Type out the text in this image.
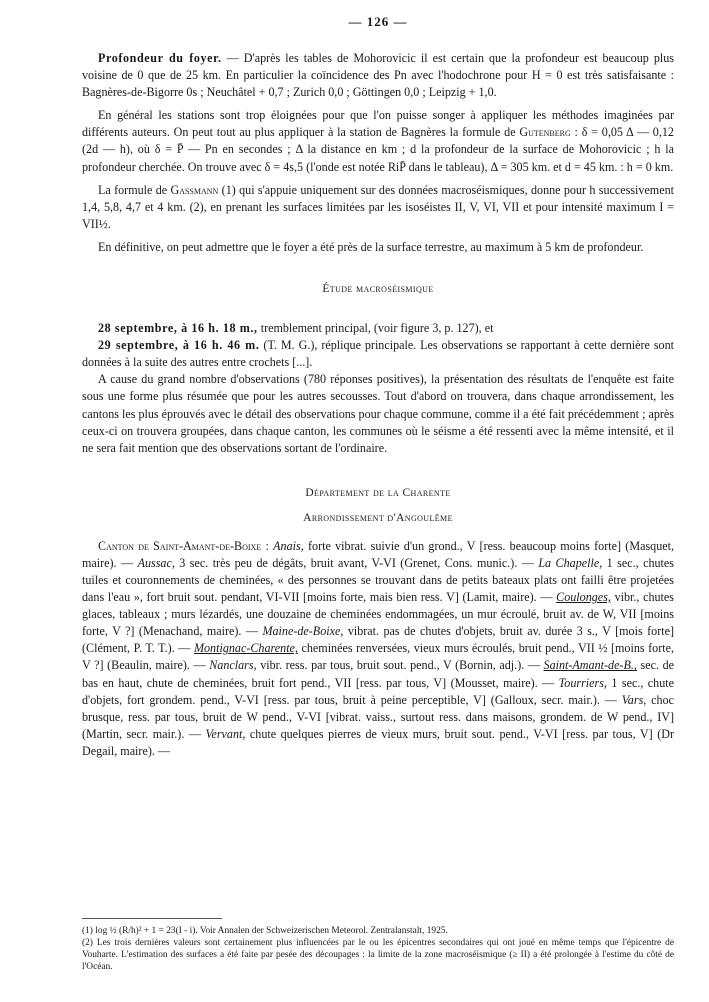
— 126 —

Profondeur du foyer. — D'après les tables de Mohorovicic il est certain que la profondeur est beaucoup plus voisine de 0 que de 25 km. En particulier la coïncidence des Pn avec l'hodochrone pour H = 0 est très satisfaisante : Bagnères-de-Bigorre 0s ; Neuchâtel + 0,7 ; Zurich 0,0 ; Göttingen 0,0 ; Leipzig + 1,0.

En général les stations sont trop éloignées pour que l'on puisse songer à appliquer les méthodes imaginées par différents auteurs. On peut tout au plus appliquer à la station de Bagnères la formule de Gutenberg : δ = 0,05 Δ — 0,12 (2d — h), où δ = P̄ — Pn en secondes ; Δ la distance en km ; d la profondeur de la surface de Mohorovicic ; h la profondeur cherchée. On trouve avec δ = 4s,5 (l'onde est notée RiP̄ dans le tableau), Δ = 305 km. et d = 45 km. : h = 0 km.

La formule de Gassmann (1) qui s'appuie uniquement sur des données macroséismiques, donne pour h successivement 1,4, 5,8, 4,7 et 4 km. (2), en prenant les surfaces limitées par les isoséistes II, V, VI, VII et pour intensité maximum I = VII½.

En définitive, on peut admettre que le foyer a été près de la surface terrestre, au maximum à 5 km de profondeur.

Étude macroséismique

28 septembre, à 16 h. 18 m., tremblement principal, (voir figure 3, p. 127), et

29 septembre, à 16 h. 46 m. (T. M. G.), réplique principale. Les observations se rapportant à cette dernière sont données à la suite des autres entre crochets [...].

A cause du grand nombre d'observations (780 réponses positives), la présentation des résultats de l'enquête est faite sous une forme plus résumée que pour les autres secousses. Tout d'abord on trouvera, dans chaque arrondissement, les cantons les plus éprouvés avec le détail des observations pour chaque commune, comme il a été fait précédemment ; après ceux-ci on trouvera groupées, dans chaque canton, les communes où le séisme a été ressenti avec la même intensité, et il ne sera fait mention que des observations sortant de l'ordinaire.

Département de la Charente
Arrondissement d'Angoulême

Canton de Saint-Amant-de-Boixe : Anais, forte vibrat. suivie d'un grond., V [ress. beaucoup moins forte] (Masquet, maire). — Aussac, 3 sec. très peu de dégâts, bruit avant, V-VI (Grenet, Cons. munic.). — La Chapelle, 1 sec., chutes tuiles et couronnements de cheminées, « des personnes se trouvant dans de petits bateaux plats ont failli être projetées dans l'eau », fort bruit sout. pendant, VI-VII [moins forte, mais bien ress. V] (Lamit, maire). — Coulonges, vibr., chutes glaces, tableaux ; murs lézardés, une douzaine de cheminées endommagées, un mur écroulé, bruit av. de W, VII [moins forte, V ?] (Menachand, maire). — Maine-de-Boixe, vibrat. pas de chutes d'objets, bruit av. durée 3 s., V [mois forte] (Clément, P. T. T.). — Montignac-Charente, cheminées renversées, vieux murs écroulés, bruit pend., VII ½ [moins forte, V ?] (Beaulin, maire). — Nanclars, vibr. ress. par tous, bruit sout. pend., V (Bornin, adj.). — Saint-Amant-de-B., sec. de bas en haut, chute de cheminées, bruit fort pend., VII [ress. par tous, V] (Mousset, maire). — Tourriers, 1 sec., chute d'objets, fort grondem. pend., V-VI [ress. par tous, bruit à peine perceptible, V] (Galloux, secr. mair.). — Vars, choc brusque, ress. par tous, bruit de W pend., V-VI [vibrat. vaiss., surtout ress. dans maisons, grondem. de W pend., IV] (Martin, secr. mair.). — Vervant, chute quelques pierres de vieux murs, bruit sout. pend., V-VI [ress. par tous, V] (Dr Degail, maire). —

(1) log ½ (R/h)² + 1 = 23(I - i). Voir Annalen der Schweizerischen Meteorol. Zentralanstalt, 1925.

(2) Les trois dernières valeurs sont certainement plus influencées par le ou les épicentres secondaires qui ont joué en même temps que l'épicentre de Vouharte. L'estimation des surfaces a été faite par pesée des découpages : la limite de la zone macroséismique (≥ II) a été prolongée à l'estime du côté de l'Océan.
